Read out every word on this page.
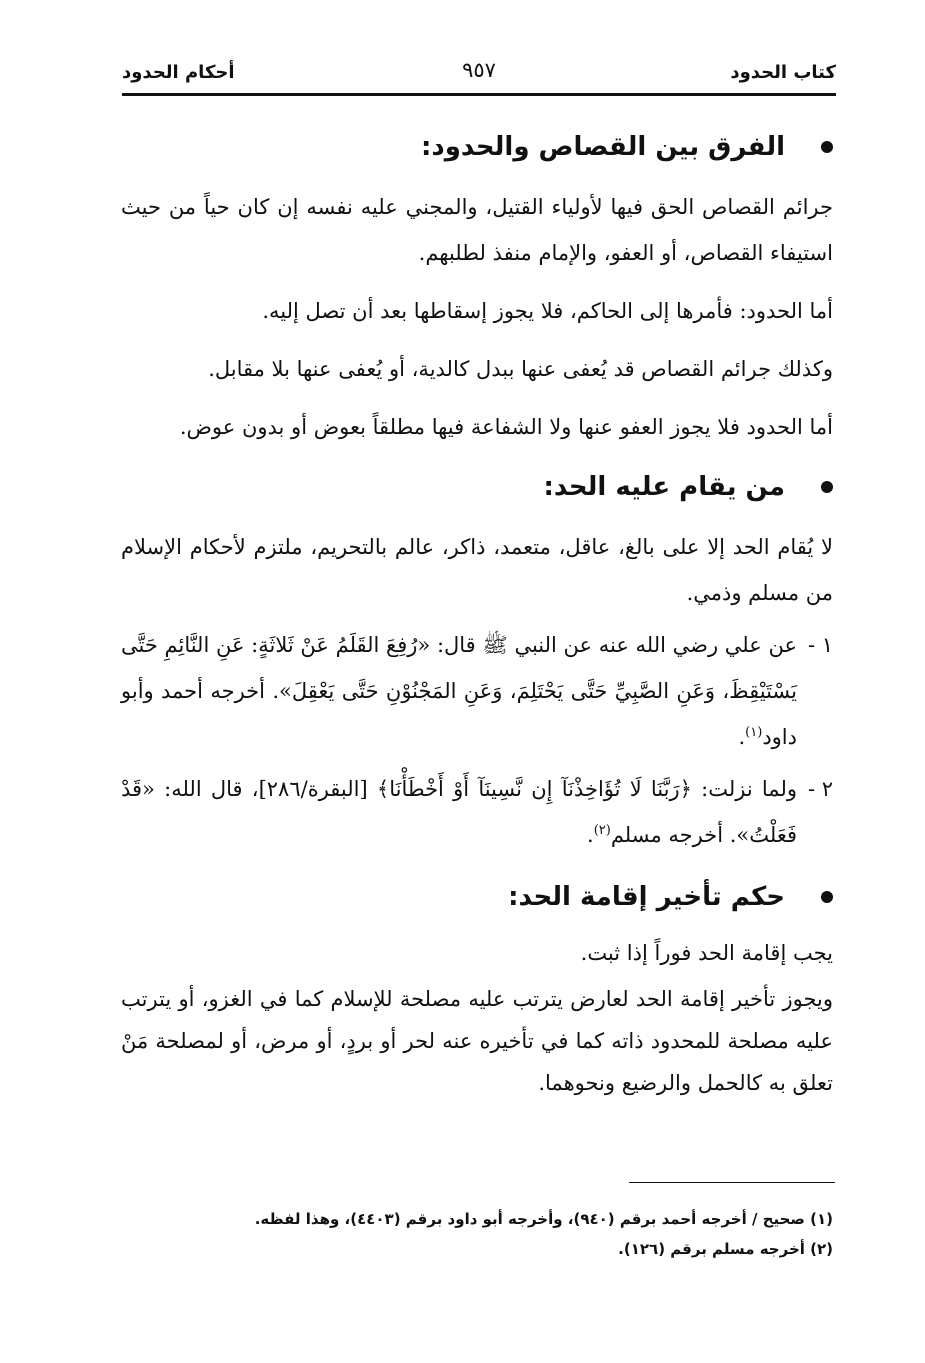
كتاب الحدود
٩٥٧
أحكام الحدود
الفرق بين القصاص والحدود:

جرائم القصاص الحق فيها لأولياء القتيل، والمجني عليه نفسه إن كان حياً من حيث استيفاء القصاص، أو العفو، والإمام منفذ لطلبهم.

أما الحدود: فأمرها إلى الحاكم، فلا يجوز إسقاطها بعد أن تصل إليه.

وكذلك جرائم القصاص قد يُعفى عنها ببدل كالدية، أو يُعفى عنها بلا مقابل.

أما الحدود فلا يجوز العفو عنها ولا الشفاعة فيها مطلقاً بعوض أو بدون عوض.

من يقام عليه الحد:

لا يُقام الحد إلا على بالغ، عاقل، متعمد، ذاكر، عالم بالتحريم، ملتزم لأحكام الإسلام من مسلم وذمي.

١ -
عن علي رضي الله عنه عن النبي ﷺ قال: «رُفِعَ القَلَمُ عَنْ ثَلاثَةٍ: عَنِ النَّائِمِ حَتَّى يَسْتَيْقِظَ، وَعَنِ الصَّبِيِّ حَتَّى يَحْتَلِمَ، وَعَنِ المَجْنُوْنِ حَتَّى يَعْقِلَ». أخرجه أحمد وأبو داود$^{(١)}$.
٢ -
ولما نزلت: ﴿رَبَّنَا لَا تُؤَاخِذْنَآ إِن نَّسِينَآ أَوْ أَخْطَأْنَا﴾ [البقرة/٢٨٦]، قال الله: «قَدْ فَعَلْتُ». أخرجه مسلم$^{(٢)}$.
حكم تأخير إقامة الحد:

يجب إقامة الحد فوراً إذا ثبت.

ويجوز تأخير إقامة الحد لعارض يترتب عليه مصلحة للإسلام كما في الغزو، أو يترتب عليه مصلحة للمحدود ذاته كما في تأخيره عنه لحر أو بردٍ، أو مرض، أو لمصلحة مَنْ تعلق به كالحمل والرضيع ونحوهما.

(١) صحيح / أخرجه أحمد برقم (٩٤٠)، وأخرجه أبو داود برقم (٤٤٠٣)، وهذا لفظه.
(٢) أخرجه مسلم برقم (١٢٦).
